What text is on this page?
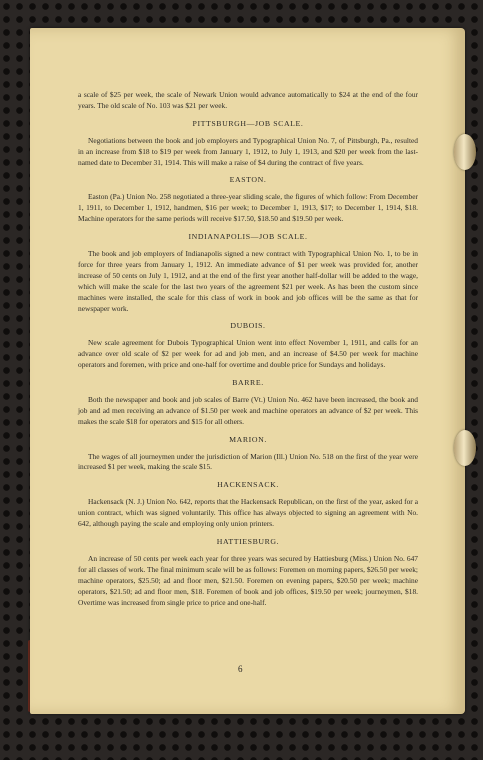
a scale of $25 per week, the scale of Newark Union would advance automatically to $24 at the end of the four years. The old scale of No. 103 was $21 per week.

PITTSBURGH—JOB SCALE.

Negotiations between the book and job employers and Typographical Union No. 7, of Pittsburgh, Pa., resulted in an increase from $18 to $19 per week from January 1, 1912, to July 1, 1913, and $20 per week from the last-named date to December 31, 1914. This will make a raise of $4 during the contract of five years.

EASTON.

Easton (Pa.) Union No. 258 negotiated a three-year sliding scale, the figures of which follow: From December 1, 1911, to December 1, 1912, handmen, $16 per week; to December 1, 1913, $17; to December 1, 1914, $18. Machine operators for the same periods will receive $17.50, $18.50 and $19.50 per week.

INDIANAPOLIS—JOB SCALE.

The book and job employers of Indianapolis signed a new contract with Typographical Union No. 1, to be in force for three years from January 1, 1912. An immediate advance of $1 per week was provided for, another increase of 50 cents on July 1, 1912, and at the end of the first year another half-dollar will be added to the wage, which will make the scale for the last two years of the agreement $21 per week. As has been the custom since machines were installed, the scale for this class of work in book and job offices will be the same as that for newspaper work.

DUBOIS.

New scale agreement for Dubois Typographical Union went into effect November 1, 1911, and calls for an advance over old scale of $2 per week for ad and job men, and an increase of $4.50 per week for machine operators and foremen, with price and one-half for overtime and double price for Sundays and holidays.

BARRE.

Both the newspaper and book and job scales of Barre (Vt.) Union No. 462 have been increased, the book and job and ad men receiving an advance of $1.50 per week and machine operators an advance of $2 per week. This makes the scale $18 for operators and $15 for all others.

MARION.

The wages of all journeymen under the jurisdiction of Marion (Ill.) Union No. 518 on the first of the year were increased $1 per week, making the scale $15.

HACKENSACK.

Hackensack (N. J.) Union No. 642, reports that the Hackensack Republican, on the first of the year, asked for a union contract, which was signed voluntarily. This office has always objected to signing an agreement with No. 642, although paying the scale and employing only union printers.

HATTIESBURG.

An increase of 50 cents per week each year for three years was secured by Hattiesburg (Miss.) Union No. 647 for all classes of work. The final minimum scale will be as follows: Foremen on morning papers, $26.50 per week; machine operators, $25.50; ad and floor men, $21.50. Foremen on evening papers, $20.50 per week; machine operators, $21.50; ad and floor men, $18. Foremen of book and job offices, $19.50 per week; journeymen, $18. Overtime was increased from single price to price and one-half.

6
